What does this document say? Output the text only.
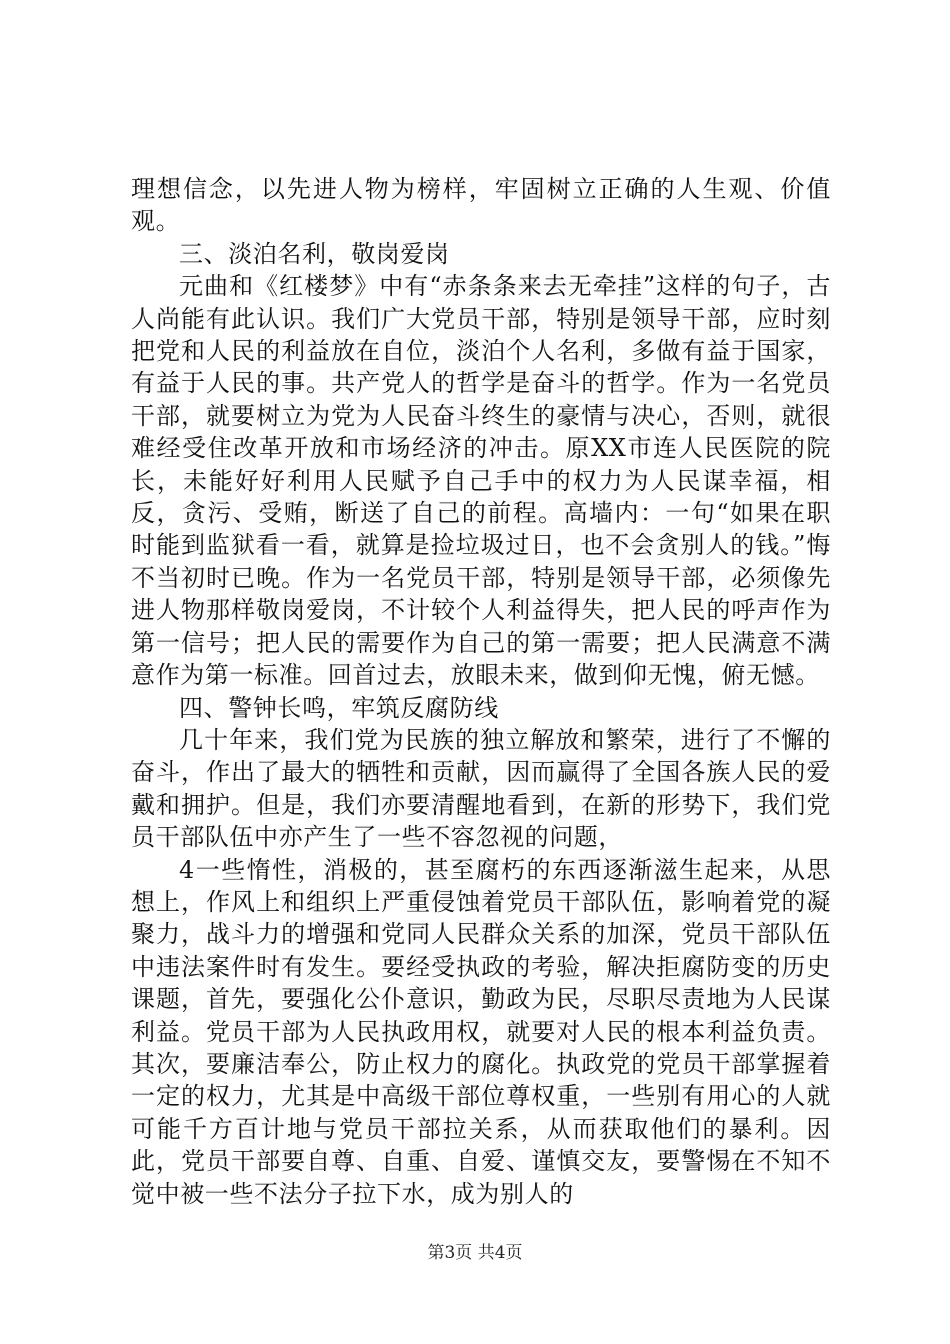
理想信念，以先进人物为榜样，牢固树立正确的人生观、价值观。

三、淡泊名利，敬岗爱岗

元曲和《红楼梦》中有“赤条条来去无牵挂”这样的句子，古人尚能有此认识。我们广大党员干部，特别是领导干部，应时刻把党和人民的利益放在自位，淡泊个人名利，多做有益于国家，有益于人民的事。共产党人的哲学是奋斗的哲学。作为一名党员干部，就要树立为党为人民奋斗终生的豪情与决心，否则，就很难经受住改革开放和市场经济的冲击。原XX市连人民医院的院长，未能好好利用人民赋予自己手中的权力为人民谋幸福，相反，贪污、受贿，断送了自己的前程。高墙内：一句“如果在职时能到监狱看一看，就算是捡垃圾过日，也不会贪别人的钱。”悔不当初时已晚。作为一名党员干部，特别是领导干部，必须像先进人物那样敬岗爱岗，不计较个人利益得失，把人民的呼声作为第一信号；把人民的需要作为自己的第一需要；把人民满意不满意作为第一标准。回首过去，放眼未来，做到仰无愧，俯无憾。

四、警钟长鸣，牢筑反腐防线

几十年来，我们党为民族的独立解放和繁荣，进行了不懈的奋斗，作出了最大的牺牲和贡献，因而赢得了全国各族人民的爱戴和拥护。但是，我们亦要清醒地看到，在新的形势下，我们党员干部队伍中亦产生了一些不容忽视的问题，

4一些惰性，消极的，甚至腐朽的东西逐渐滋生起来，从思想上，作风上和组织上严重侵蚀着党员干部队伍，影响着党的凝聚力，战斗力的增强和党同人民群众关系的加深，党员干部队伍中违法案件时有发生。要经受执政的考验，解决拒腐防变的历史课题，首先，要强化公仆意识，勤政为民，尽职尽责地为人民谋利益。党员干部为人民执政用权，就要对人民的根本利益负责。其次，要廉洁奉公，防止权力的腐化。执政党的党员干部掌握着一定的权力，尤其是中高级干部位尊权重，一些别有用心的人就可能千方百计地与党员干部拉关系，从而获取他们的暴利。因此，党员干部要自尊、自重、自爱、谨慎交友，要警惕在不知不觉中被一些不法分子拉下水，成为别人的

第3页 共4页
